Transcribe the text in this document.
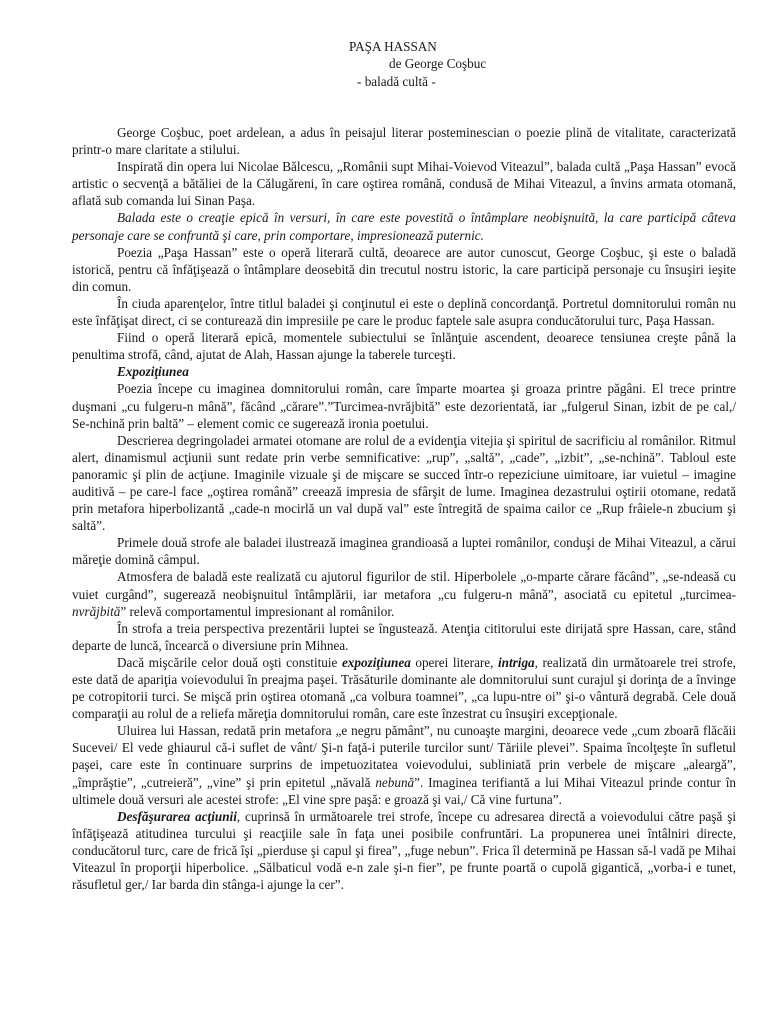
PAŞA HASSAN
de George Coşbuc
- baladă cultă -

George Coşbuc, poet ardelean, a adus în peisajul literar posteminescian o poezie plină de vitalitate, caracterizată printr-o mare claritate a stilului.

Inspirată din opera lui Nicolae Bălcescu, „Românii supt Mihai-Voievod Viteazul”, balada cultă „Paşa Hassan” evocă artistic o secvenţă a bătăliei de la Călugăreni, în care oştirea română, condusă de Mihai Viteazul, a învins armata otomană, aflată sub comanda lui Sinan Paşa.

Balada este o creaţie epică în versuri, în care este povestită o întâmplare neobişnuită, la care participă câteva personaje care se confruntă şi care, prin comportare, impresionează puternic.

Poezia „Paşa Hassan” este o operă literară cultă, deoarece are autor cunoscut, George Coşbuc, şi este o baladă istorică, pentru că înfăţişează o întâmplare deosebită din trecutul nostru istoric, la care participă personaje cu însuşiri ieşite din comun.

În ciuda aparenţelor, între titlul baladei şi conţinutul ei este o deplină concordanţă. Portretul domnitorului român nu este înfăţişat direct, ci se conturează din impresiile pe care le produc faptele sale asupra conducătorului turc, Paşa Hassan.

Fiind o operă literară epică, momentele subiectului se înlănţuie ascendent, deoarece tensiunea creşte până la penultima strofă, când, ajutat de Alah, Hassan ajunge la taberele turceşti.

Expoziţiunea

Poezia începe cu imaginea domnitorului român, care împarte moartea şi groaza printre păgâni. El trece printre duşmani „cu fulgeru-n mână”, făcând „cărare”.”Turcimea-nvrăjbită” este dezorientată, iar „fulgerul Sinan, izbit de pe cal,/ Se-nchină prin baltă” – element comic ce sugerează ironia poetului.

Descrierea degringoladei armatei otomane are rolul de a evidenţia vitejia şi spiritul de sacrificiu al românilor. Ritmul alert, dinamismul acţiunii sunt redate prin verbe semnificative: „rup”, „saltă”, „cade”, „izbit”, „se-nchină”. Tabloul este panoramic şi plin de acţiune. Imaginile vizuale şi de mişcare se succed într-o repeziciune uimitoare, iar vuietul – imagine auditivă – pe care-l face „oştirea română” creează impresia de sfârşit de lume. Imaginea dezastrului oştirii otomane, redată prin metafora hiperbolizantă „cade-n mocirlă un val după val” este întregită de spaima cailor ce „Rup frâiele-n zbucium şi saltă”.

Primele două strofe ale baladei ilustrează imaginea grandioasă a luptei românilor, conduşi de Mihai Viteazul, a cărui măreţie domină câmpul.

Atmosfera de baladă este realizată cu ajutorul figurilor de stil. Hiperbolele „o-mparte cărare făcând”, „se-ndeasă cu vuiet curgând”, sugerează neobişnuitul întâmplării, iar metafora „cu fulgeru-n mână”, asociată cu epitetul „turcimea-nvrăjbită” relevă comportamentul impresionant al românilor.

În strofa a treia perspectiva prezentării luptei se îngustează. Atenţia cititorului este dirijată spre Hassan, care, stând departe de luncă, încearcă o diversiune prin Mihnea.

Dacă mişcările celor două oşti constituie expoziţiunea operei literare, intriga, realizată din următoarele trei strofe, este dată de apariţia voievodului în preajma paşei. Trăsăturile dominante ale domnitorului sunt curajul şi dorinţa de a învinge pe cotropitorii turci. Se mişcă prin oştirea otomană „ca volbura toamnei”, „ca lupu-ntre oi” şi-o vântură degrabă. Cele două comparaţii au rolul de a reliefa măreţia domnitorului român, care este înzestrat cu însuşiri excepţionale.

Uluirea lui Hassan, redată prin metafora „e negru pământ”, nu cunoaşte margini, deoarece vede „cum zboară flăcăii Sucevei/ El vede ghiaurul că-i suflet de vânt/ Şi-n faţă-i puterile turcilor sunt/ Tăriile plevei”. Spaima încolţeşte în sufletul paşei, care este în continuare surprins de impetuozitatea voievodului, subliniată prin verbele de mişcare „aleargă”, „împrăştie”, „cutreieră”, „vine” şi prin epitetul „năvală nebună”. Imaginea terifiantă a lui Mihai Viteazul prinde contur în ultimele două versuri ale acestei strofe: „El vine spre paşă: e groază şi vai,/ Că vine furtuna”.

Desfăşurarea acţiunii, cuprinsă în următoarele trei strofe, începe cu adresarea directă a voievodului către paşă şi înfăţişează atitudinea turcului şi reacţiile sale în faţa unei posibile confruntări. La propunerea unei întâlniri directe, conducătorul turc, care de frică îşi „pierduse şi capul şi firea”, „fuge nebun”. Frica îl determină pe Hassan să-l vadă pe Mihai Viteazul în proporţii hiperbolice. „Sălbaticul vodă e-n zale şi-n fier”, pe frunte poartă o cupolă gigantică, „vorba-i e tunet, răsufletul ger,/ Iar barda din stânga-i ajunge la cer”.
